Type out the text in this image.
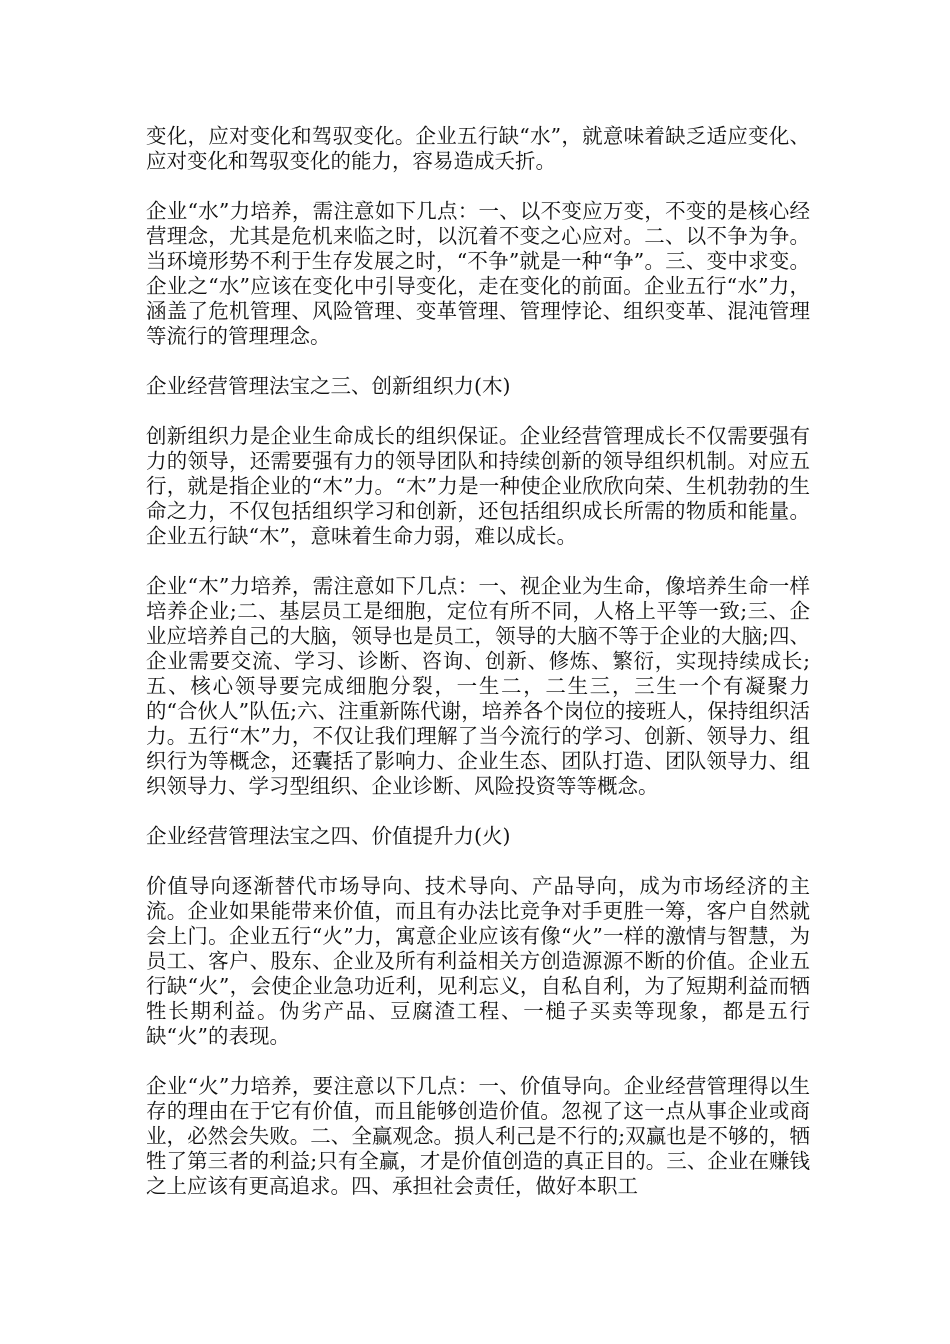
变化，应对变化和驾驭变化。企业五行缺“水”，就意味着缺乏适应变化、应对变化和驾驭变化的能力，容易造成夭折。

企业“水”力培养，需注意如下几点：一、以不变应万变，不变的是核心经营理念，尤其是危机来临之时，以沉着不变之心应对。二、以不争为争。当环境形势不利于生存发展之时，“不争”就是一种“争”。三、变中求变。企业之“水”应该在变化中引导变化，走在变化的前面。企业五行“水”力，涵盖了危机管理、风险管理、变革管理、管理悖论、组织变革、混沌管理等流行的管理理念。

企业经营管理法宝之三、创新组织力(木)

创新组织力是企业生命成长的组织保证。企业经营管理成长不仅需要强有力的领导，还需要强有力的领导团队和持续创新的领导组织机制。对应五行，就是指企业的“木”力。“木”力是一种使企业欣欣向荣、生机勃勃的生命之力，不仅包括组织学习和创新，还包括组织成长所需的物质和能量。企业五行缺“木”，意味着生命力弱，难以成长。

企业“木”力培养，需注意如下几点：一、视企业为生命，像培养生命一样培养企业;二、基层员工是细胞，定位有所不同，人格上平等一致;三、企业应培养自己的大脑，领导也是员工，领导的大脑不等于企业的大脑;四、企业需要交流、学习、诊断、咨询、创新、修炼、繁衍，实现持续成长;五、核心领导要完成细胞分裂，一生二，二生三，三生一个有凝聚力的“合伙人”队伍;六、注重新陈代谢，培养各个岗位的接班人，保持组织活力。五行“木”力，不仅让我们理解了当今流行的学习、创新、领导力、组织行为等概念，还囊括了影响力、企业生态、团队打造、团队领导力、组织领导力、学习型组织、企业诊断、风险投资等等概念。

企业经营管理法宝之四、价值提升力(火)

价值导向逐渐替代市场导向、技术导向、产品导向，成为市场经济的主流。企业如果能带来价值，而且有办法比竞争对手更胜一筹，客户自然就会上门。企业五行“火”力，寓意企业应该有像“火”一样的激情与智慧，为员工、客户、股东、企业及所有利益相关方创造源源不断的价值。企业五行缺“火”，会使企业急功近利，见利忘义，自私自利，为了短期利益而牺牲长期利益。伪劣产品、豆腐渣工程、一槌子买卖等现象，都是五行缺“火”的表现。

企业“火”力培养，要注意以下几点：一、价值导向。企业经营管理得以生存的理由在于它有价值，而且能够创造价值。忽视了这一点从事企业或商业，必然会失败。二、全赢观念。损人利己是不行的;双赢也是不够的，牺牲了第三者的利益;只有全赢，才是价值创造的真正目的。三、企业在赚钱之上应该有更高追求。四、承担社会责任，做好本职工
